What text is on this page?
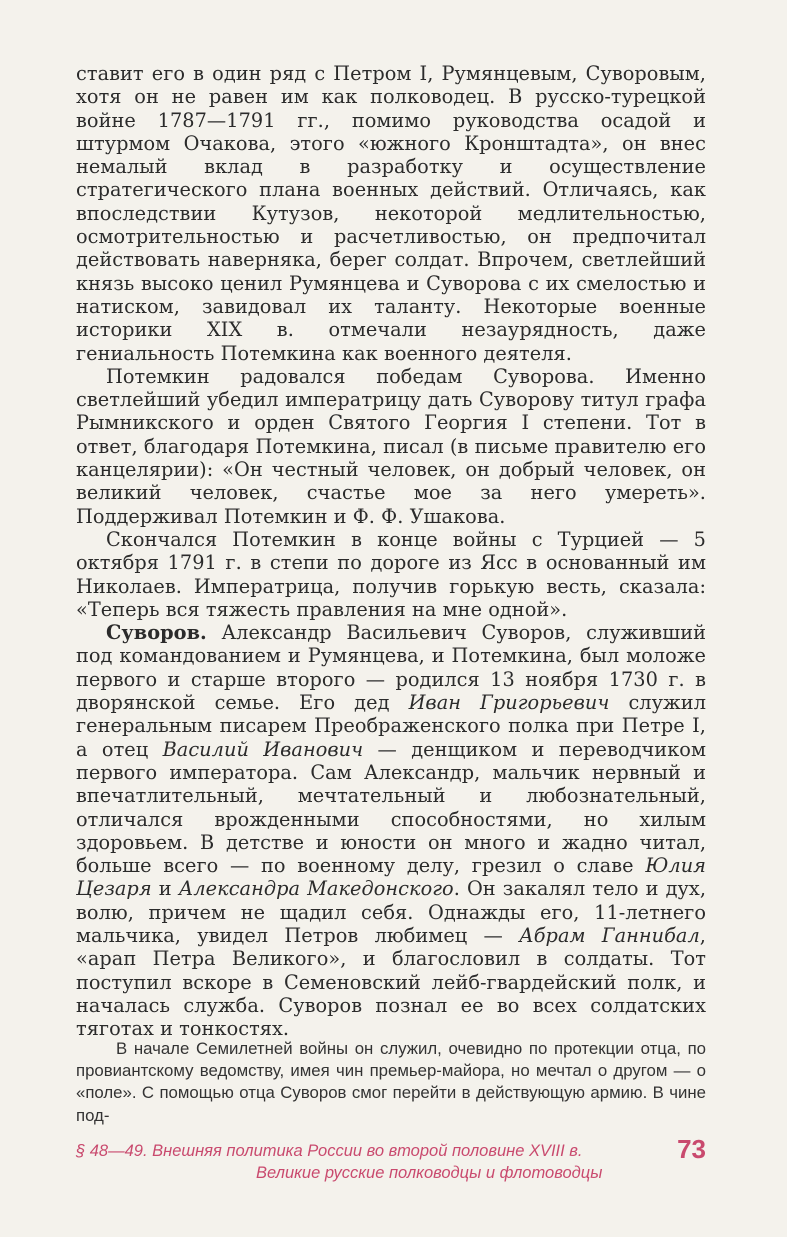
ставит его в один ряд с Петром I, Румянцевым, Суворовым, хотя он не равен им как полководец. В русско-турецкой войне 1787—1791 гг., помимо руководства осадой и штурмом Очакова, этого «южного Кронштадта», он внес немалый вклад в разработку и осуществление стратегического плана военных действий. Отличаясь, как впоследствии Кутузов, некоторой медлительностью, осмотрительностью и расчетливостью, он предпочитал действовать наверняка, берег солдат. Впрочем, светлейший князь высоко ценил Румянцева и Суворова с их смелостью и натиском, завидовал их таланту. Некоторые военные историки XIX в. отмечали незаурядность, даже гениальность Потемкина как военного деятеля.

Потемкин радовался победам Суворова. Именно светлейший убедил императрицу дать Суворову титул графа Рымникского и орден Святого Георгия I степени. Тот в ответ, благодаря Потемкина, писал (в письме правителю его канцелярии): «Он честный человек, он добрый человек, он великий человек, счастье мое за него умереть». Поддерживал Потемкин и Ф. Ф. Ушакова.

Скончался Потемкин в конце войны с Турцией — 5 октября 1791 г. в степи по дороге из Ясс в основанный им Николаев. Императрица, получив горькую весть, сказала: «Теперь вся тяжесть правления на мне одной».

Суворов. Александр Васильевич Суворов, служивший под командованием и Румянцева, и Потемкина, был моложе первого и старше второго — родился 13 ноября 1730 г. в дворянской семье. Его дед Иван Григорьевич служил генеральным писарем Преображенского полка при Петре I, а отец Василий Иванович — денщиком и переводчиком первого императора. Сам Александр, мальчик нервный и впечатлительный, мечтательный и любознательный, отличался врожденными способностями, но хилым здоровьем. В детстве и юности он много и жадно читал, больше всего — по военному делу, грезил о славе Юлия Цезаря и Александра Македонского. Он закалял тело и дух, волю, причем не щадил себя. Однажды его, 11-летнего мальчика, увидел Петров любимец — Абрам Ганнибал, «арап Петра Великого», и благословил в солдаты. Тот поступил вскоре в Семеновский лейб-гвардейский полк, и началась служба. Суворов познал ее во всех солдатских тяготах и тонкостях.

В начале Семилетней войны он служил, очевидно по протекции отца, по провиантскому ведомству, имея чин премьер-майора, но мечтал о другом — о «поле». С помощью отца Суворов смог перейти в действующую армию. В чине под-

§ 48—49. Внешняя политика России во второй половине XVIII в.
Великие русские полководцы и флотоводцы
73
